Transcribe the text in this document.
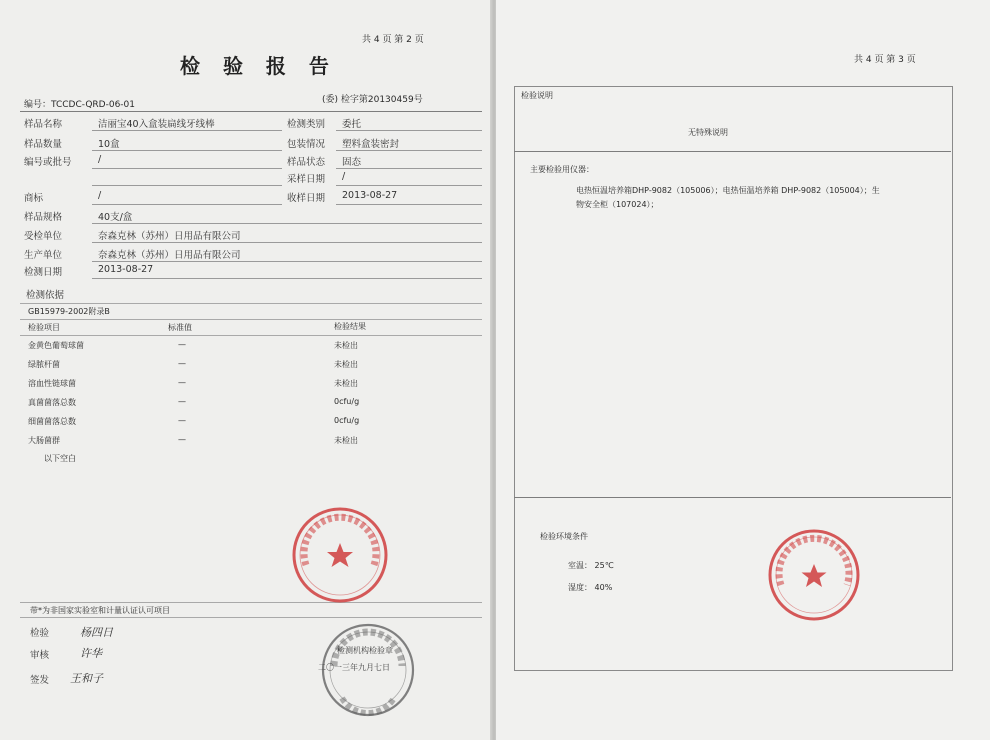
共 4 页 第 2 页
检 验 报 告
编号：TCCDC-QRD-06-01	(委) 检字第20130459号
样品名称	洁丽宝40入盒装扁线牙线棒	检测类别 委托
样品数量	10盒	包装情况 塑料盒装密封
编号或批号	/	样品状态 固态
采样日期 /
商标	/	收样日期 2013-08-27
样品规格	40支/盒
受检单位	奈森克林（苏州）日用品有限公司
生产单位	奈森克林（苏州）日用品有限公司
检测日期	2013-08-27
检测依据
GB15979-2002附录B
检验项目	标准值	检验结果
金黄色葡萄球菌	—	未检出
绿脓杆菌	—	未检出
溶血性链球菌	—	未检出
真菌菌落总数	—	0cfu/g
细菌菌落总数	—	0cfu/g
大肠菌群	—	未检出
以下空白
带*为非国家实验室和计量认证认可项目
检验	杨四日
审核	许华
签发 王和子
检测机构检验章
二〇一三年九月七日
共 4 页 第 3 页
检验说明
无特殊说明
主要检验用仪器：
电热恒温培养箱DHP-9082（105006）；电热恒温培养箱 DHP-9082（105004）；生
物安全柜（107024）；
检验环境条件
室温： 25℃
湿度： 40%
